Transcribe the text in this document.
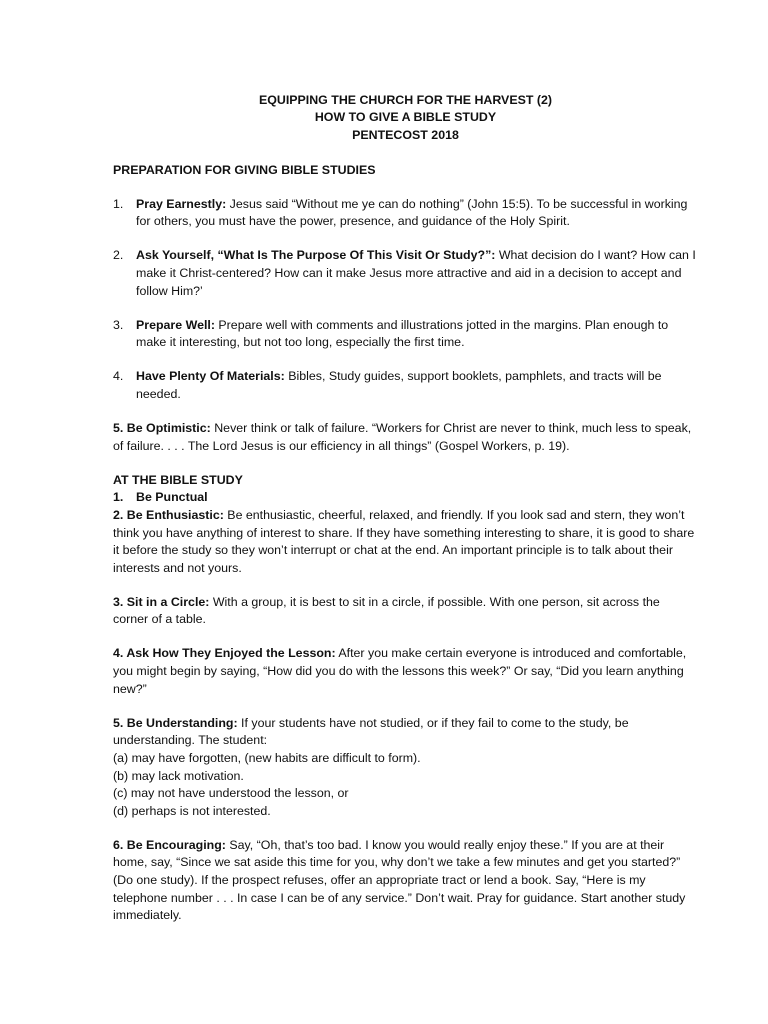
EQUIPPING THE CHURCH FOR THE HARVEST (2)
HOW TO GIVE A BIBLE STUDY
PENTECOST 2018
PREPARATION FOR GIVING BIBLE STUDIES
1.	Pray Earnestly: Jesus said “Without me ye can do nothing” (John 15:5). To be successful in working for others, you must have the power, presence, and guidance of the Holy Spirit.
2.	Ask Yourself, “What Is The Purpose Of This Visit Or Study?”: What decision do I want? How can I make it Christ-centered? How can it make Jesus more attractive and aid in a decision to accept and follow Him?’
3.	Prepare Well: Prepare well with comments and illustrations jotted in the margins. Plan enough to make it interesting, but not too long, especially the first time.
4.	Have Plenty Of Materials: Bibles, Study guides, support booklets, pamphlets, and tracts will be needed.

5. Be Optimistic: Never think or talk of failure. “Workers for Christ are never to think, much less to speak, of failure. . . . The Lord Jesus is our efficiency in all things” (Gospel Workers, p. 19).

AT THE BIBLE STUDY
1.	Be Punctual

2. Be Enthusiastic: Be enthusiastic, cheerful, relaxed, and friendly. If you look sad and stern, they won’t think you have anything of interest to share. If they have something interesting to share, it is good to share it before the study so they won’t interrupt or chat at the end. An important principle is to talk about their interests and not yours.

3. Sit in a Circle: With a group, it is best to sit in a circle, if possible. With one person, sit across the corner of a table.

4. Ask How They Enjoyed the Lesson: After you make certain everyone is introduced and comfortable, you might begin by saying, “How did you do with the lessons this week?” Or say, “Did you learn anything new?”

5. Be Understanding: If your students have not studied, or if they fail to come to the study, be understanding. The student:

(a) may have forgotten, (new habits are difficult to form).

(b) may lack motivation.

(c) may not have understood the lesson, or

(d) perhaps is not interested.

6. Be Encouraging: Say, “Oh, that’s too bad. I know you would really enjoy these.” If you are at their home, say, “Since we sat aside this time for you, why don’t we take a few minutes and get you started?” (Do one study). If the prospect refuses, offer an appropriate tract or lend a book. Say, “Here is my telephone number . . . In case I can be of any service.” Don’t wait. Pray for guidance. Start another study immediately.
